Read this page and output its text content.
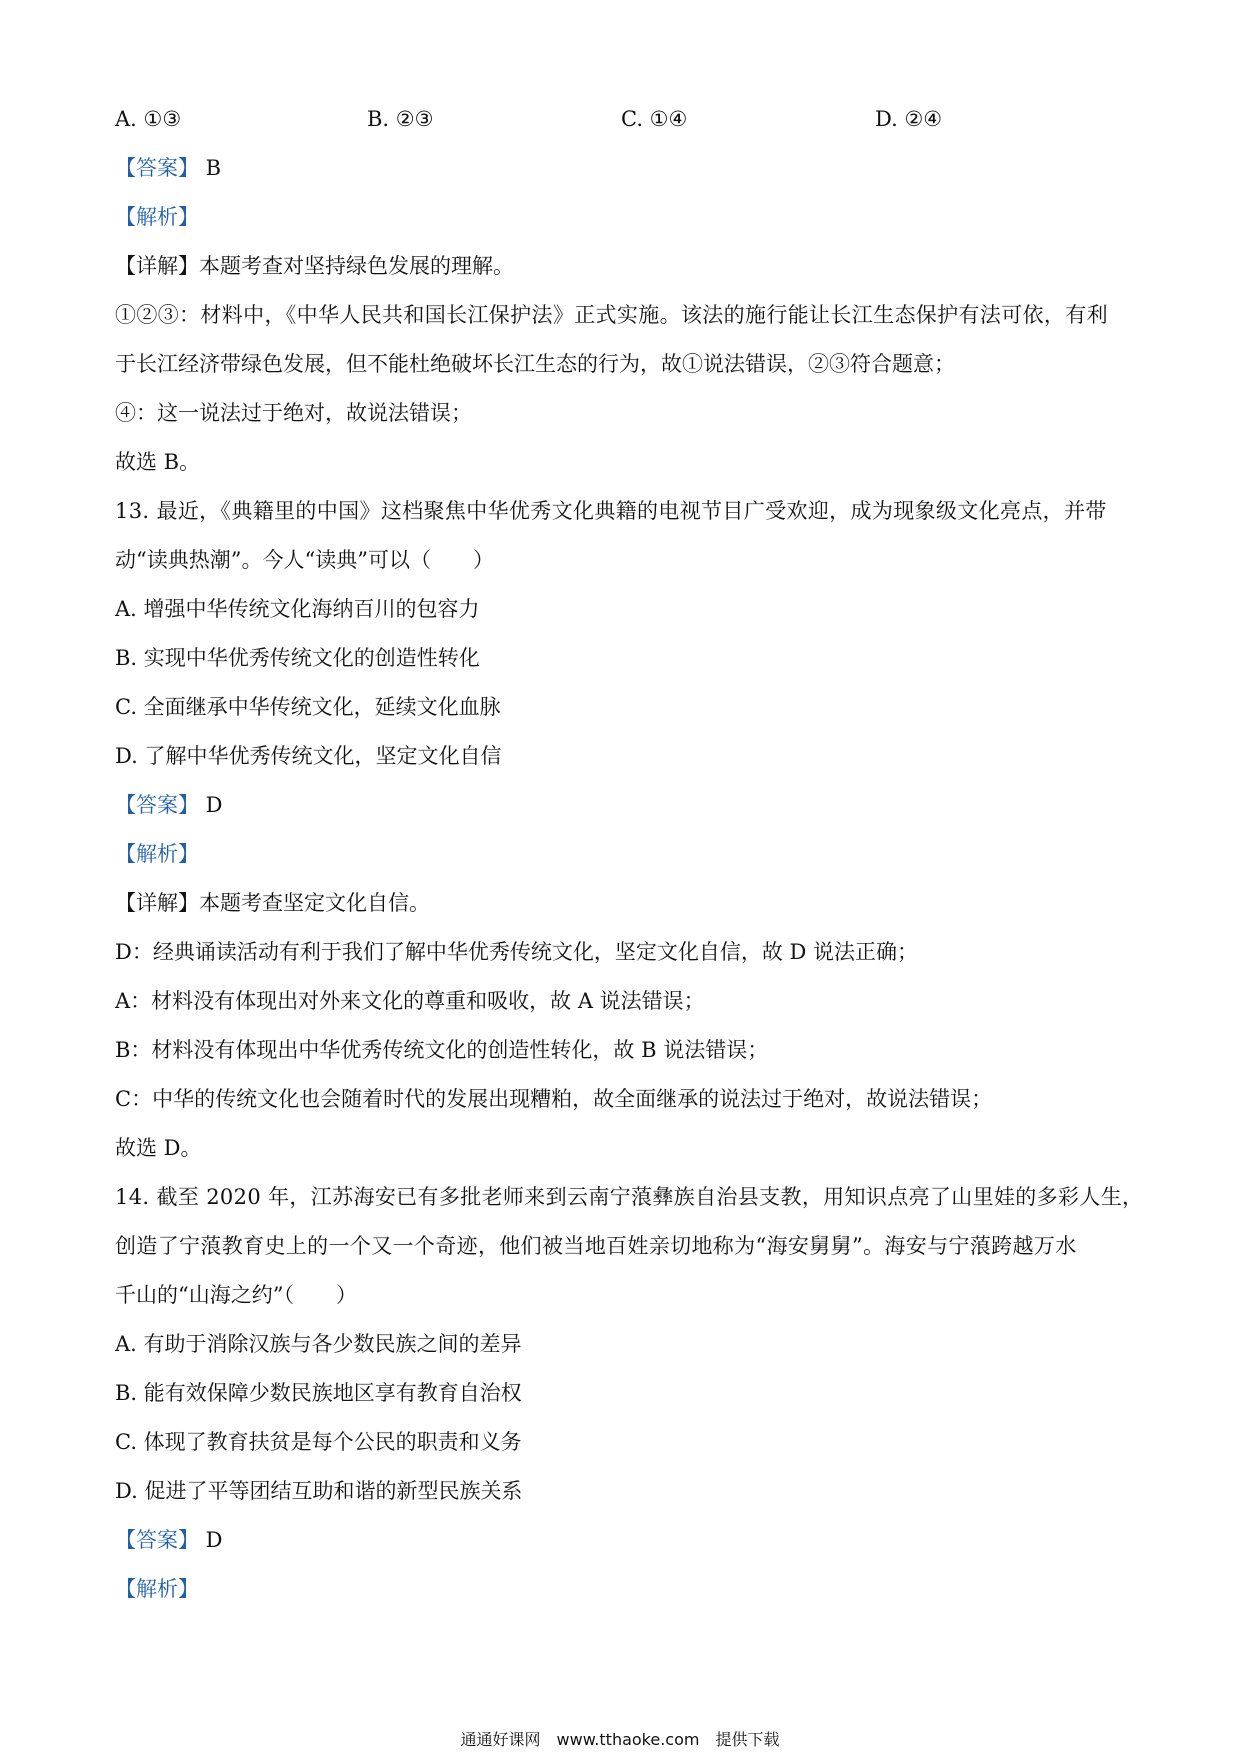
A. ①③	B. ②③	C. ①④	D. ②④
【答案】 B
【解析】
【详解】本题考查对坚持绿色发展的理解。
①②③：材料中，《中华人民共和国长江保护法》正式实施。该法的施行能让长江生态保护有法可依，有利
于长江经济带绿色发展，但不能杜绝破坏长江生态的行为，故①说法错误，②③符合题意；
④：这一说法过于绝对，故说法错误；
故选 B。
13. 最近，《典籍里的中国》这档聚焦中华优秀文化典籍的电视节目广受欢迎，成为现象级文化亮点，并带
动“读典热潮”。今人“读典”可以（　　）
A. 增强中华传统文化海纳百川的包容力
B. 实现中华优秀传统文化的创造性转化
C. 全面继承中华传统文化，延续文化血脉
D. 了解中华优秀传统文化，坚定文化自信
【答案】 D
【解析】
【详解】本题考查坚定文化自信。
D：经典诵读活动有利于我们了解中华优秀传统文化，坚定文化自信，故 D 说法正确；
A：材料没有体现出对外来文化的尊重和吸收，故 A 说法错误；
B：材料没有体现出中华优秀传统文化的创造性转化，故 B 说法错误；
C：中华的传统文化也会随着时代的发展出现糟粕，故全面继承的说法过于绝对，故说法错误；
故选 D。
14. 截至 2020 年，江苏海安已有多批老师来到云南宁蒗彝族自治县支教，用知识点亮了山里娃的多彩人生，
创造了宁蒗教育史上的一个又一个奇迹，他们被当地百姓亲切地称为“海安舅舅”。海安与宁蒗跨越万水
千山的“山海之约”（　　）
A. 有助于消除汉族与各少数民族之间的差异
B. 能有效保障少数民族地区享有教育自治权
C. 体现了教育扶贫是每个公民的职责和义务
D. 促进了平等团结互助和谐的新型民族关系
【答案】 D
【解析】
通通好课网　www.tthaoke.com　提供下载
